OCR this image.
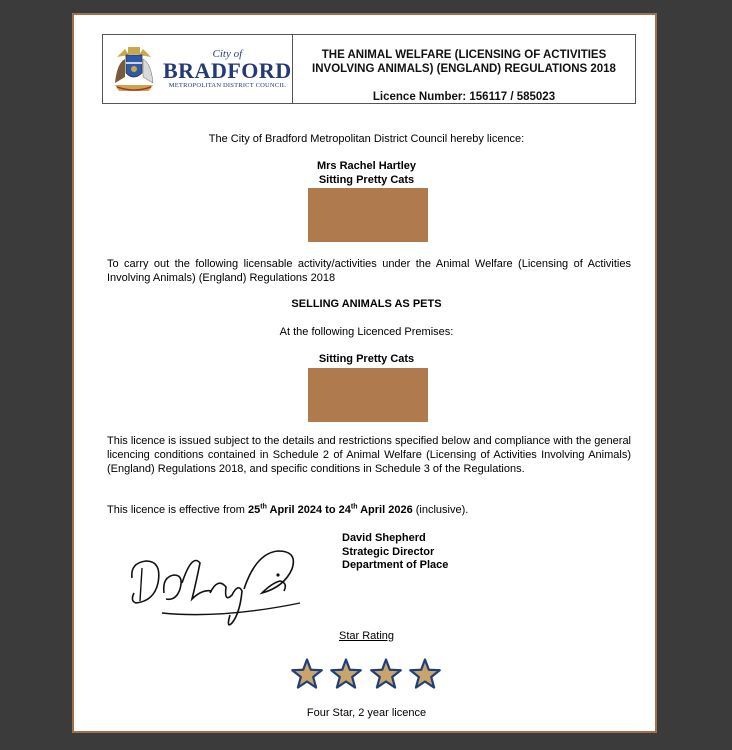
City of
BRADFORD
METROPOLITAN DISTRICT COUNCIL
THE ANIMAL WELFARE (LICENSING OF ACTIVITIES
INVOLVING ANIMALS) (ENGLAND) REGULATIONS 2018
Licence Number: 156117 / 585023
The City of Bradford Metropolitan District Council hereby licence:
Mrs Rachel Hartley
Sitting Pretty Cats
To carry out the following licensable activity/activities under the Animal Welfare (Licensing of Activities Involving Animals) (England) Regulations 2018
SELLING ANIMALS AS PETS
At the following Licenced Premises:
Sitting Pretty Cats
This licence is issued subject to the details and restrictions specified below and compliance with the general licencing conditions contained in Schedule 2 of Animal Welfare (Licensing of Activities Involving Animals) (England) Regulations 2018, and specific conditions in Schedule 3 of the Regulations.
This licence is effective from 25th April 2024 to 24th April 2026 (inclusive).
David Shepherd
Strategic Director
Department of Place
Star Rating
Four Star, 2 year licence
